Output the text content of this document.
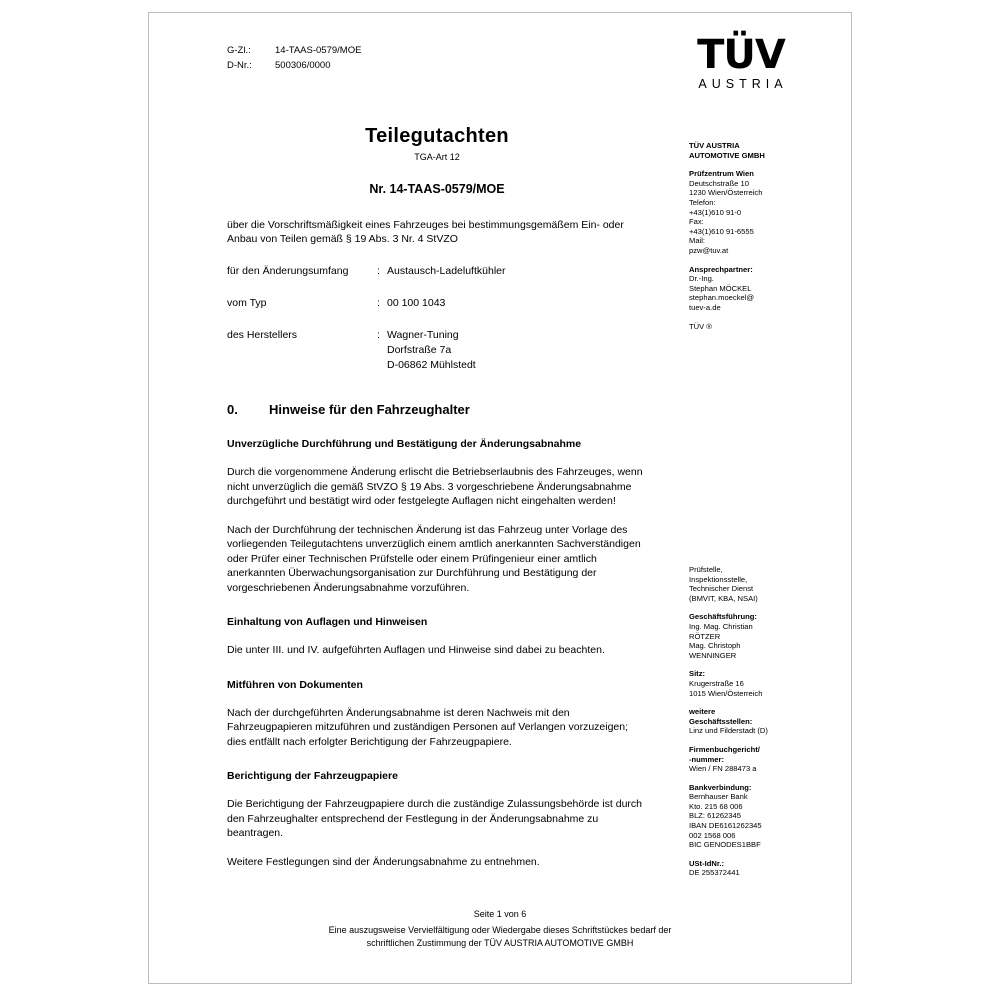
G-Zl.:	14-TAAS-0579/MOE
D-Nr.:	500306/0000	TÜV
AUSTRIA
Teilegutachten
TGA-Art 12
Nr. 14-TAAS-0579/MOE
über die Vorschriftsmäßigkeit eines Fahrzeuges bei bestimmungsgemäßem Ein- oder Anbau von Teilen gemäß § 19 Abs. 3 Nr. 4 StVZO
für den Änderungsumfang	: Austausch-Ladeluftkühler
vom Typ	: 00 100 1043
des Herstellers	: Wagner-Tuning
Dorfstraße 7a
D-06862 Mühlstedt
0.	Hinweise für den Fahrzeughalter
Unverzügliche Durchführung und Bestätigung der Änderungsabnahme
Durch die vorgenommene Änderung erlischt die Betriebserlaubnis des Fahrzeuges, wenn nicht unverzüglich die gemäß StVZO § 19 Abs. 3 vorgeschriebene Änderungsabnahme durchgeführt und bestätigt wird oder festgelegte Auflagen nicht eingehalten werden!
Nach der Durchführung der technischen Änderung ist das Fahrzeug unter Vorlage des vorliegenden Teilegutachtens unverzüglich einem amtlich anerkannten Sachverständigen oder Prüfer einer Technischen Prüfstelle oder einem Prüfingenieur einer amtlich anerkannten Überwachungsorganisation zur Durchführung und Bestätigung der vorgeschriebenen Änderungsabnahme vorzuführen.
Einhaltung von Auflagen und Hinweisen
Die unter III. und IV. aufgeführten Auflagen und Hinweise sind dabei zu beachten.
Mitführen von Dokumenten
Nach der durchgeführten Änderungsabnahme ist deren Nachweis mit den Fahrzeugpapieren mitzuführen und zuständigen Personen auf Verlangen vorzuzeigen; dies entfällt nach erfolgter Berichtigung der Fahrzeugpapiere.
Berichtigung der Fahrzeugpapiere
Die Berichtigung der Fahrzeugpapiere durch die zuständige Zulassungsbehörde ist durch den Fahrzeughalter entsprechend der Festlegung in der Änderungsabnahme zu beantragen.
Weitere Festlegungen sind der Änderungsabnahme zu entnehmen.
TÜV AUSTRIA
AUTOMOTIVE GMBH
Prüfzentrum Wien
Deutschstraße 10
1230 Wien/Österreich
Telefon:
+43(1)610 91-0
Fax:
+43(1)610 91-6555
Mail:
pzw@tuv.at
Ansprechpartner:
Dr.-Ing.
Stephan MÖCKEL
stephan.moeckel@
tuev-a.de
TÜV ®
Prüfstelle,
Inspektionsstelle,
Technischer Dienst
(BMVIT, KBA, NSAI)
Geschäftsführung:
Ing. Mag. Christian
RÖTZER
Mag. Christoph
WENNINGER
Sitz:
Krugerstraße 16
1015 Wien/Österreich
weitere
Geschäftsstellen:
Linz und Filderstadt (D)
Firmenbuchgericht/
-nummer:
Wien / FN 288473 a
Bankverbindung:
Bernhauser Bank
Kto. 215 68 006
BLZ: 61262345
IBAN DE6161262345
002 1568 006
BIC GENODES1BBF
USt-IdNr.:
DE 255372441
Seite 1 von 6
Eine auszugsweise Vervielfältigung oder Wiedergabe dieses Schriftstückes bedarf der
schriftlichen Zustimmung der TÜV AUSTRIA AUTOMOTIVE GMBH
